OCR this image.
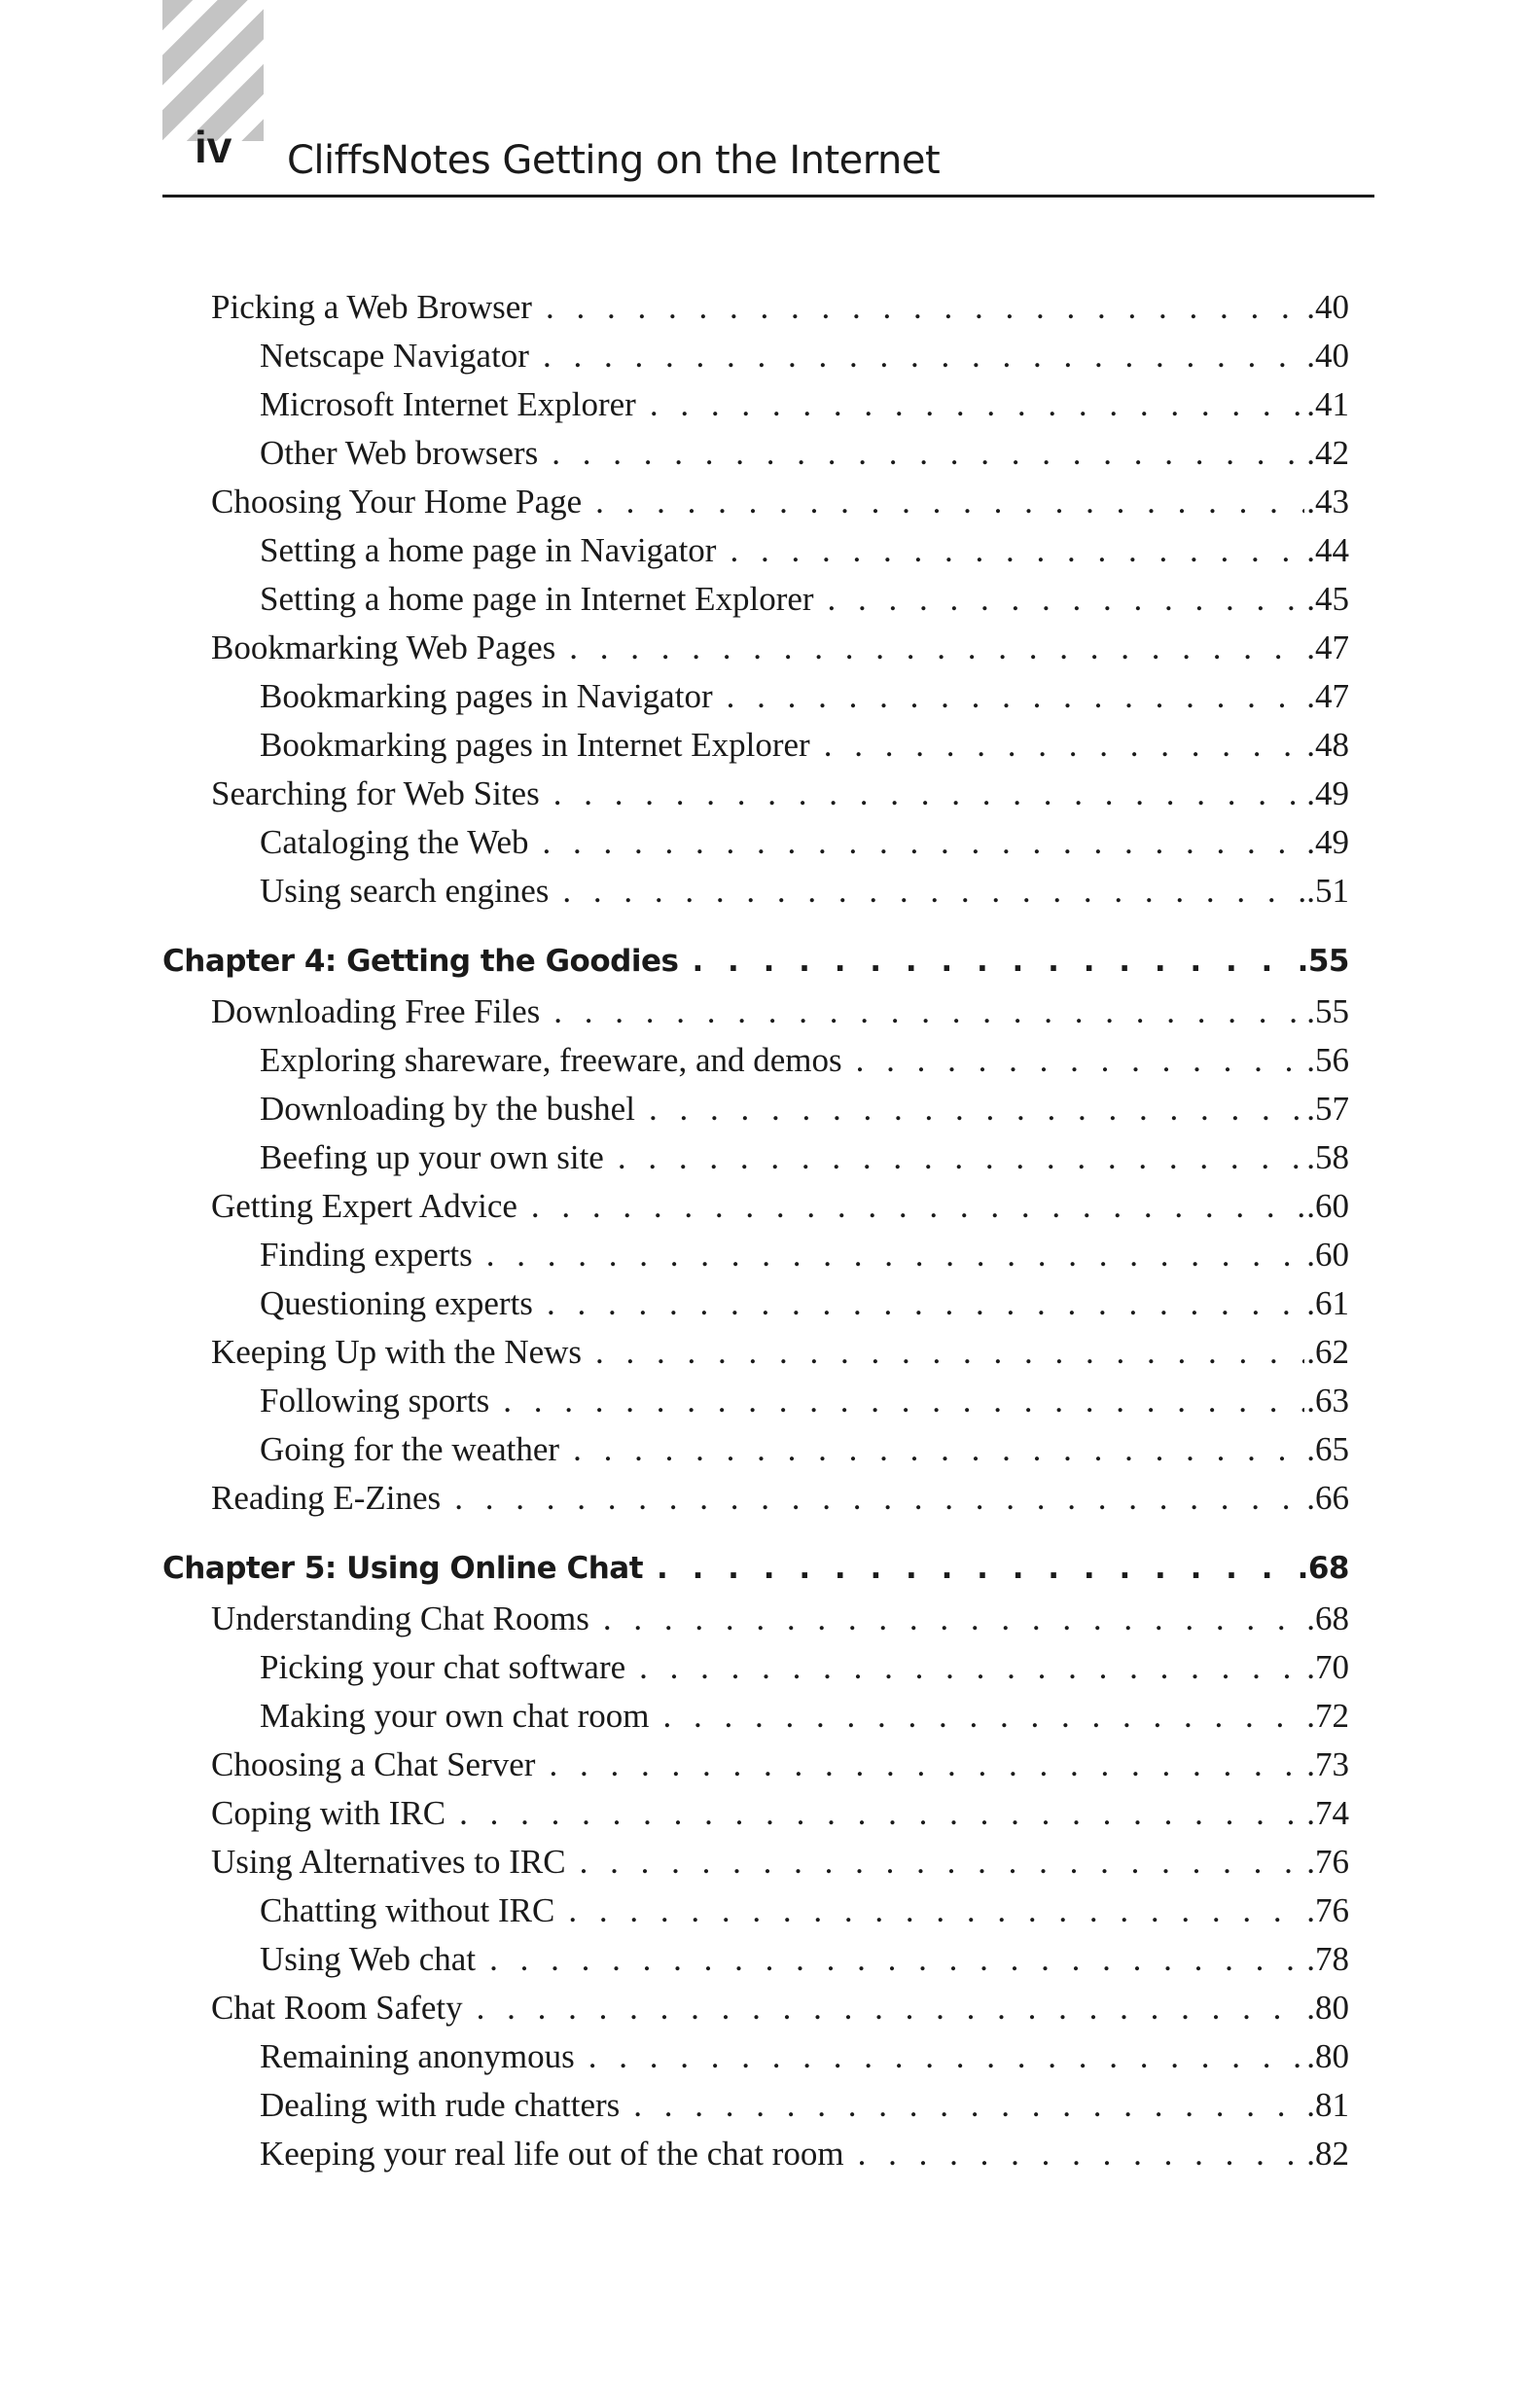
iv CliffsNotes Getting on the Internet
Picking a Web Browser . . .	.40
Netscape Navigator . . .	.40
Microsoft Internet Explorer . . .	.41
Other Web browsers . . .	.42
Choosing Your Home Page . . .	.43
Setting a home page in Navigator . . .	.44
Setting a home page in Internet Explorer . . .	.45
Bookmarking Web Pages . . .	.47
Bookmarking pages in Navigator . . .	.47
Bookmarking pages in Internet Explorer . . .	.48
Searching for Web Sites . . .	.49
Cataloging the Web . . .	.49
Using search engines . . .	.51
Chapter 4: Getting the Goodies . . .	.55
Downloading Free Files . . .	.55
Exploring shareware, freeware, and demos . . .	.56
Downloading by the bushel . . .	.57
Beefing up your own site . . .	.58
Getting Expert Advice . . .	.60
Finding experts . . .	.60
Questioning experts . . .	.61
Keeping Up with the News . . .	.62
Following sports . . .	.63
Going for the weather . . .	.65
Reading E-Zines . . .	.66
Chapter 5: Using Online Chat . . .	.68
Understanding Chat Rooms . . .	.68
Picking your chat software . . .	.70
Making your own chat room . . .	.72
Choosing a Chat Server . . .	.73
Coping with IRC . . .	.74
Using Alternatives to IRC . . .	.76
Chatting without IRC . . .	.76
Using Web chat . . .	.78
Chat Room Safety . . .	.80
Remaining anonymous . . .	.80
Dealing with rude chatters . . .	.81
Keeping your real life out of the chat room . . .	.82
